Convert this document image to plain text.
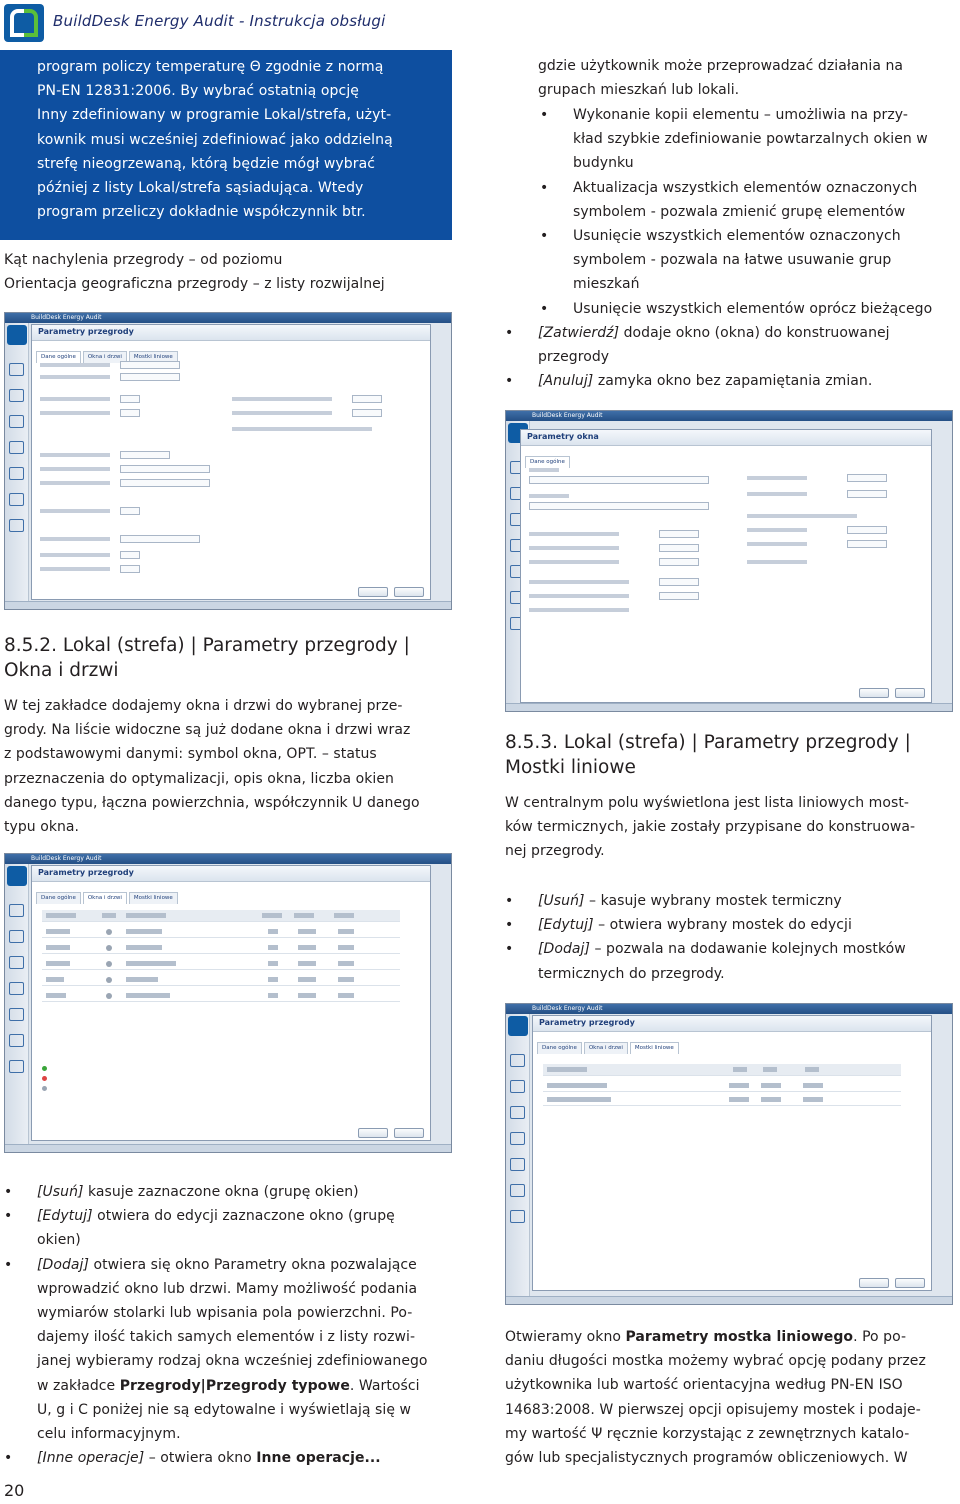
BuildDesk Energy Audit - Instrukcja obsługi

program policzy temperaturę Θ zgodnie z normą

PN-EN 12831:2006. By wybrać ostatnią opcję

Inny zdefiniowany w programie Lokal/strefa, użyt-

kownik musi wcześniej zdefiniować jako oddzielną

strefę nieogrzewaną, którą będzie mógł wybrać

później z listy Lokal/strefa sąsiadująca. Wtedy

program przeliczy dokładnie współczynnik btr.

Kąt nachylenia przegrody – od poziomu
Orientacja geograficzna przegrody – z listy rozwijalnej
BuildDesk Energy Audit
Parametry przegrody
Dane ogólne Okna i drzwi Mostki liniowe
8.5.2. Lokal (strefa) | Parametry przegrody |
Okna i drzwi
W tej zakładce dodajemy okna i drzwi do wybranej prze-
grody. Na liście widoczne są już dodane okna i drzwi wraz
z podstawowymi danymi: symbol okna, OPT. – status
przeznaczenia do optymalizacji, opis okna, liczba okien
danego typu, łączna powierzchnia, współczynnik U danego
typu okna.
BuildDesk Energy Audit
Parametry przegrody
Dane ogólne Okna i drzwi Mostki liniowe
• [Usuń] kasuje zaznaczone okna (grupę okien)
• [Edytuj] otwiera do edycji zaznaczone okno (grupę
okien)
• [Dodaj] otwiera się okno Parametry okna pozwalające
wprowadzić okno lub drzwi. Mamy możliwość podania
wymiarów stolarki lub wpisania pola powierzchni. Po-
dajemy ilość takich samych elementów i z listy rozwi-
janej wybieramy rodzaj okna wcześniej zdefiniowanego
w zakładce Przegrody|Przegrody typowe. Wartości
U, g i C poniżej nie są edytowalne i wyświetlają się w
celu informacyjnym.
• [Inne operacje] – otwiera okno Inne operacje...
gdzie użytkownik może przeprowadzać działania na
grupach mieszkań lub lokali.
• Wykonanie kopii elementu – umożliwia na przy-
kład szybkie zdefiniowanie powtarzalnych okien w
budynku
• Aktualizacja wszystkich elementów oznaczonych
symbolem - pozwala zmienić grupę elementów
• Usunięcie wszystkich elementów oznaczonych
symbolem - pozwala na łatwe usuwanie grup
mieszkań
• Usunięcie wszystkich elementów oprócz bieżącego
• [Zatwierdź] dodaje okno (okna) do konstruowanej
przegrody
• [Anuluj] zamyka okno bez zapamiętania zmian.
BuildDesk Energy Audit
Parametry okna
Dane ogólne
8.5.3. Lokal (strefa) | Parametry przegrody |
Mostki liniowe
W centralnym polu wyświetlona jest lista liniowych most-
ków termicznych, jakie zostały przypisane do konstruowa-
nej przegrody.
• [Usuń] – kasuje wybrany mostek termiczny
• [Edytuj] – otwiera wybrany mostek do edycji
• [Dodaj] – pozwala na dodawanie kolejnych mostków
termicznych do przegrody.
BuildDesk Energy Audit
Parametry przegrody
Dane ogólne Okna i drzwi Mostki liniowe
Otwieramy okno Parametry mostka liniowego. Po po-
daniu długości mostka możemy wybrać opcję podany przez
użytkownika lub wartość orientacyjna według PN-EN ISO
14683:2008. W pierwszej opcji opisujemy mostek i podaje-
my wartość Ψ ręcznie korzystając z zewnętrznych katalo-
gów lub specjalistycznych programów obliczeniowych. W
20
